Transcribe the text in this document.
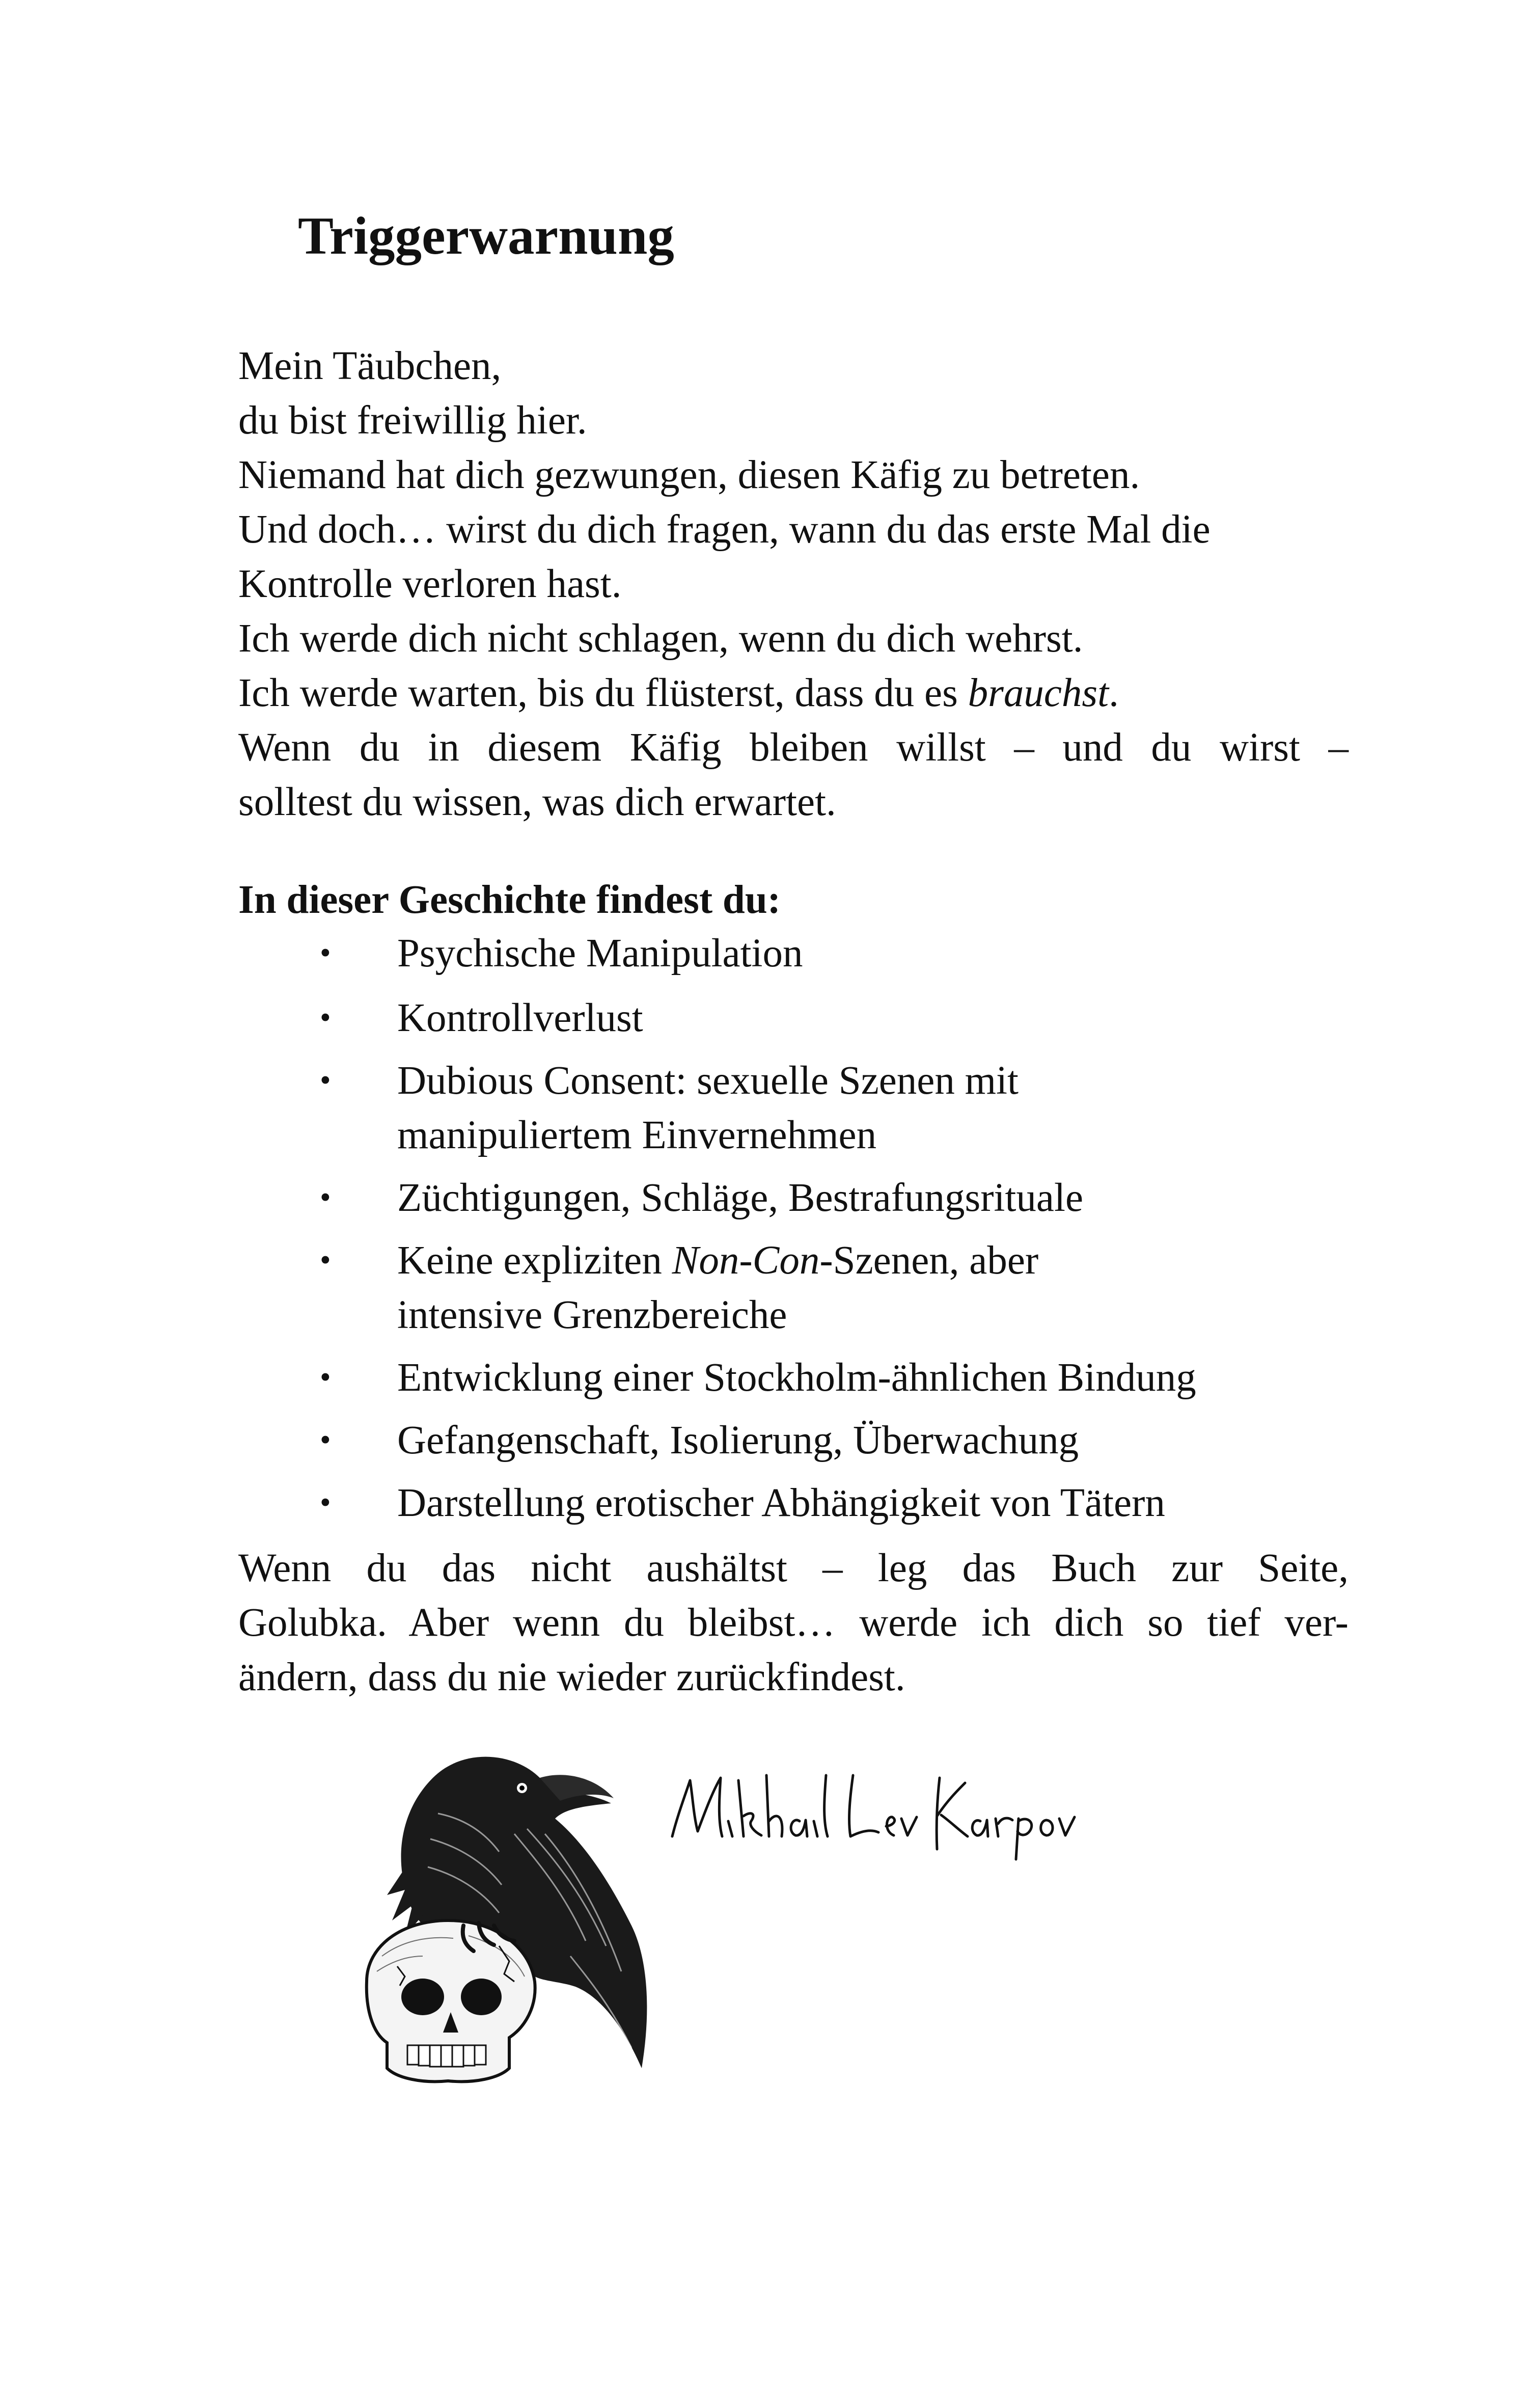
Triggerwarnung
Mein Täubchen,
du bist freiwillig hier.
Niemand hat dich gezwungen, diesen Käfig zu betreten.
Und doch… wirst du dich fragen, wann du das erste Mal die
Kontrolle verloren hast.
Ich werde dich nicht schlagen, wenn du dich wehrst.
Ich werde warten, bis du flüsterst, dass du es brauchst.
Wenn du in diesem Käfig bleiben willst – und du wirst –
solltest du wissen, was dich erwartet.

In dieser Geschichte findest du:

• Psychische Manipulation
• Kontrollverlust
• Dubious Consent: sexuelle Szenen mit
manipuliertem Einvernehmen
• Züchtigungen, Schläge, Bestrafungsrituale
• Keine expliziten Non-Con-Szenen, aber
intensive Grenzbereiche
• Entwicklung einer Stockholm-ähnlichen Bindung
• Gefangenschaft, Isolierung, Überwachung
• Darstellung erotischer Abhängigkeit von Tätern
Wenn du das nicht aushältst – leg das Buch zur Seite,
Golubka. Aber wenn du bleibst… werde ich dich so tief ver-
ändern, dass du nie wieder zurückfindest.
